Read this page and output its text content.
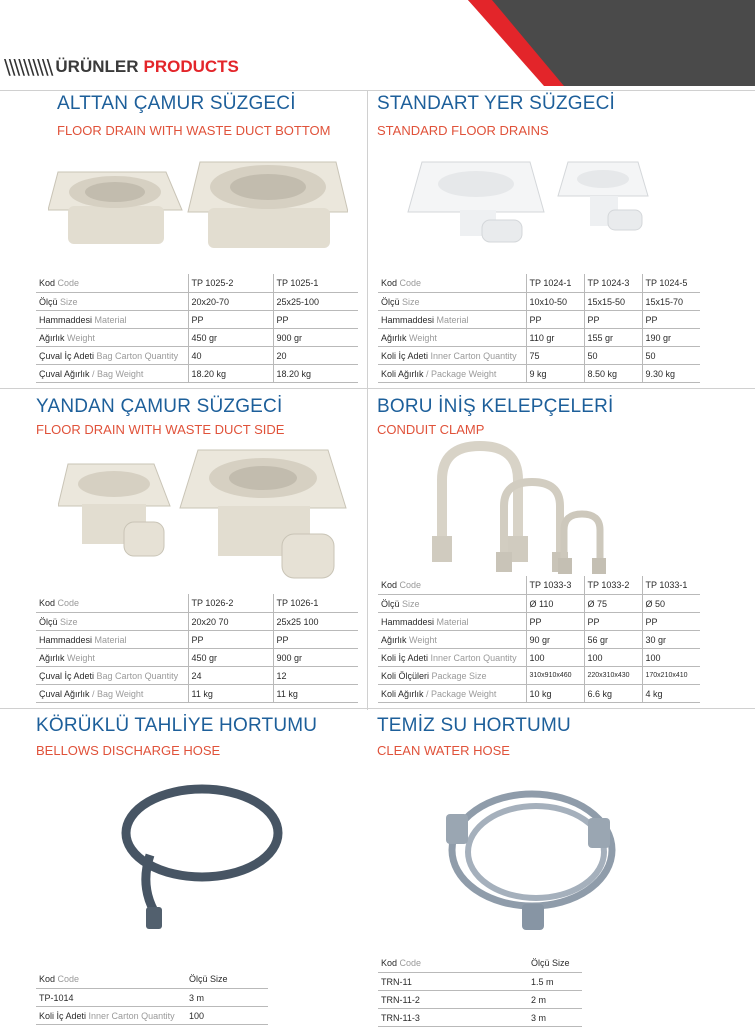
\\\\\\\\\\ ÜRÜNLER PRODUCTS
ALTTAN ÇAMUR SÜZGECİ
FLOOR DRAIN WITH WASTE DUCT BOTTOM
Kod Code	TP 1025-2	TP 1025-1
Ölçü Size	20x20-70	25x25-100
Hammaddesi Material	PP	PP
Ağırlık Weight	450 gr	900 gr
Çuval İç Adeti Bag Carton Quantity	40	20
Çuval Ağırlık / Bag Weight	18.20 kg	18.20 kg
STANDART YER SÜZGECİ
STANDARD FLOOR DRAINS
Kod Code	TP 1024-1	TP 1024-3	TP 1024-5
Ölçü Size	10x10-50	15x15-50	15x15-70
Hammaddesi Material	PP	PP	PP
Ağırlık Weight	110 gr	155 gr	190 gr
Koli İç Adeti Inner Carton Quantity	75	50	50
Koli Ağırlık / Package Weight	9 kg	8.50 kg	9.30 kg
YANDAN ÇAMUR SÜZGECİ
FLOOR DRAIN WITH WASTE DUCT SIDE
Kod Code	TP 1026-2	TP 1026-1
Ölçü Size	20x20 70	25x25 100
Hammaddesi Material	PP	PP
Ağırlık Weight	450 gr	900 gr
Çuval İç Adeti Bag Carton Quantity	24	12
Çuval Ağırlık / Bag Weight	11 kg	11 kg
BORU İNİŞ KELEPÇELERİ
CONDUIT CLAMP
Kod Code	TP 1033-3	TP 1033-2	TP 1033-1
Ölçü Size	Ø 110	Ø 75	Ø 50
Hammaddesi Material	PP	PP	PP
Ağırlık Weight	90 gr	56 gr	30 gr
Koli İç Adeti Inner Carton Quantity	100	100	100
Koli Ölçüleri Package Size	310x910x460	220x310x430	170x210x410
Koli Ağırlık / Package Weight	10 kg	6.6 kg	4 kg
KÖRÜKLÜ TAHLİYE HORTUMU
BELLOWS DISCHARGE HOSE
Kod Code	Ölçü Size
TP-1014	3 m
Koli İç Adeti Inner Carton Quantity	100
TEMİZ SU HORTUMU
CLEAN WATER HOSE
Kod Code	Ölçü Size
TRN-11	1.5 m
TRN-11-2	2 m
TRN-11-3	3 m
